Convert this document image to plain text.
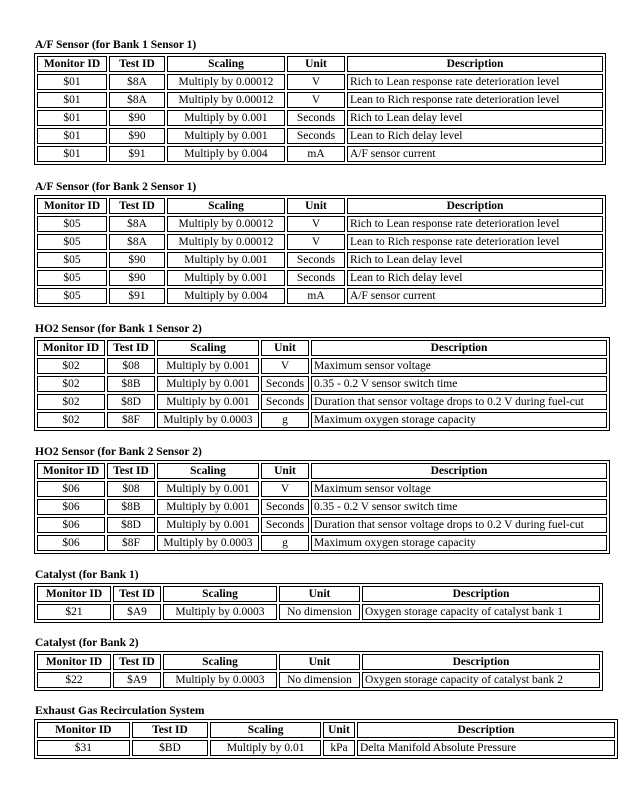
A/F Sensor (for Bank 1 Sensor 1)
Monitor ID	Test ID	Scaling	Unit	Description
$01	$8A	Multiply by 0.00012	V	Rich to Lean response rate deterioration level
$01	$8A	Multiply by 0.00012	V	Lean to Rich response rate deterioration level
$01	$90	Multiply by 0.001	Seconds	Rich to Lean delay level
$01	$90	Multiply by 0.001	Seconds	Lean to Rich delay level
$01	$91	Multiply by 0.004	mA	A/F sensor current
A/F Sensor (for Bank 2 Sensor 1)
Monitor ID	Test ID	Scaling	Unit	Description
$05	$8A	Multiply by 0.00012	V	Rich to Lean response rate deterioration level
$05	$8A	Multiply by 0.00012	V	Lean to Rich response rate deterioration level
$05	$90	Multiply by 0.001	Seconds	Rich to Lean delay level
$05	$90	Multiply by 0.001	Seconds	Lean to Rich delay level
$05	$91	Multiply by 0.004	mA	A/F sensor current
HO2 Sensor (for Bank 1 Sensor 2)
Monitor ID	Test ID	Scaling	Unit	Description
$02	$08	Multiply by 0.001	V	Maximum sensor voltage
$02	$8B	Multiply by 0.001	Seconds	0.35 - 0.2 V sensor switch time
$02	$8D	Multiply by 0.001	Seconds	Duration that sensor voltage drops to 0.2 V during fuel-cut
$02	$8F	Multiply by 0.0003	g	Maximum oxygen storage capacity
HO2 Sensor (for Bank 2 Sensor 2)
Monitor ID	Test ID	Scaling	Unit	Description
$06	$08	Multiply by 0.001	V	Maximum sensor voltage
$06	$8B	Multiply by 0.001	Seconds	0.35 - 0.2 V sensor switch time
$06	$8D	Multiply by 0.001	Seconds	Duration that sensor voltage drops to 0.2 V during fuel-cut
$06	$8F	Multiply by 0.0003	g	Maximum oxygen storage capacity
Catalyst (for Bank 1)
Monitor ID	Test ID	Scaling	Unit	Description
$21	$A9	Multiply by 0.0003	No dimension	Oxygen storage capacity of catalyst bank 1
Catalyst (for Bank 2)
Monitor ID	Test ID	Scaling	Unit	Description
$22	$A9	Multiply by 0.0003	No dimension	Oxygen storage capacity of catalyst bank 2
Exhaust Gas Recirculation System
Monitor ID	Test ID	Scaling	Unit	Description
$31	$BD	Multiply by 0.01	kPa	Delta Manifold Absolute Pressure
